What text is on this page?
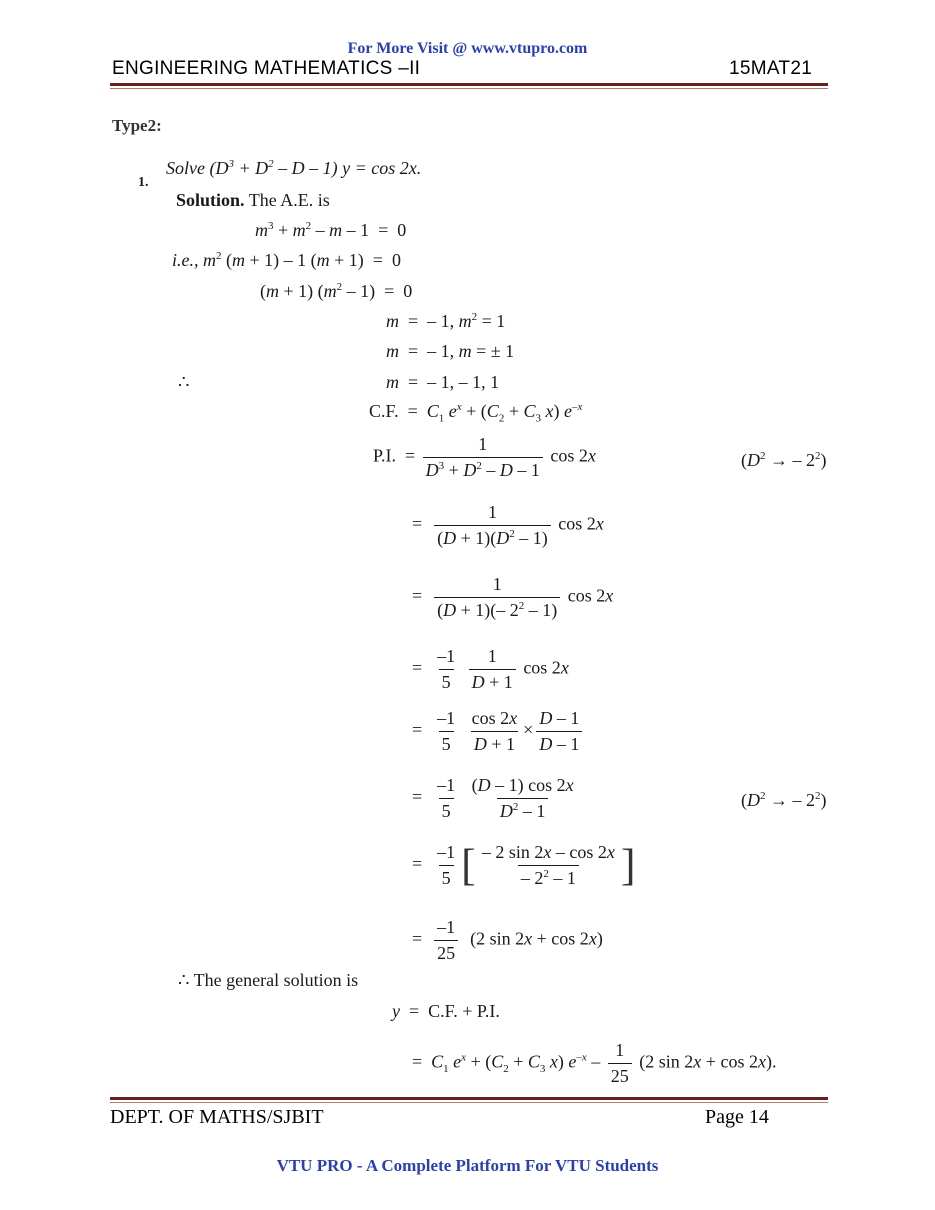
For More Visit @ www.vtupro.com
ENGINEERING MATHEMATICS –II	15MAT21
Type2:
1.
Solve $(D^3 + D^2 - D - 1) y = \cos 2x$.
Solution. The A.E. is
$m^3 + m^2 - m - 1 = 0$
i.e., $m^2$ (m + 1) – 1 (m + 1)  =  0
(m + 1) $(m^2 - 1) = 0$
m  =  – 1, $m^2 = 1$
m  =  – 1, m = ± 1
∴	m  =  – 1, – 1, 1
C.F.  =  $C_1$ $e^x + (C_2 + C_3$ x) $e^{-x}$
P.I.  = $\frac{1}{D^3 + D^2 - D - 1}$ cos 2x	($D^2$ → – $2^2$)
= $\frac{1}{(D + 1)(D^2 - 1)}$ cos 2x
= $\frac{1}{(D + 1)(- 2^2 - 1)}$ cos 2x
= $\frac{-1}{5}$
$\frac{1}{D + 1}$ cos 2x
= $\frac{-1}{5}$
$\frac{\cos 2x}{D + 1} \times \frac{D - 1}{D - 1}$
= $\frac{-1}{5}$
$\frac{(D - 1) \cos 2x}{D^2 - 1}$	($D^2$ → – $2^2$)
= $\frac{-1}{5}$ [ $\frac{- 2 \sin 2x - \cos 2x}{- 2^2 - 1}$ ]
= $\frac{-1}{25} (2$ sin 2x + cos 2x)
∴ The general solution is
y  =  C.F. + P.I.
=  $C_1$ $e^x + (C_2 + C_3$ x) $e^{-x} - \frac{1}{25} (2$ sin 2x + cos 2x).
DEPT. OF MATHS/SJBIT	Page 14
VTU PRO - A Complete Platform For VTU Students
